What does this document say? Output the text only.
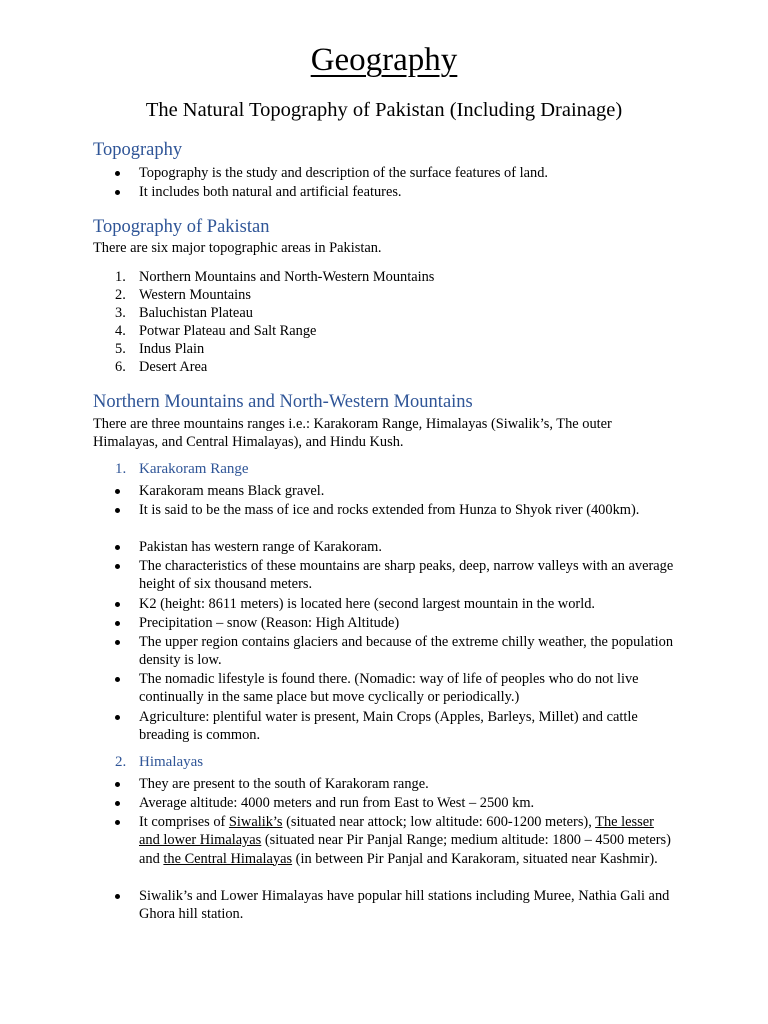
Geography
The Natural Topography of Pakistan (Including Drainage)
Topography
Topography is the study and description of the surface features of land.
It includes both natural and artificial features.
Topography of Pakistan
There are six major topographic areas in Pakistan.
1. Northern Mountains and North-Western Mountains
2. Western Mountains
3. Baluchistan Plateau
4. Potwar Plateau and Salt Range
5. Indus Plain
6. Desert Area
Northern Mountains and North-Western Mountains
There are three mountains ranges i.e.: Karakoram Range, Himalayas (Siwalik’s, The outer Himalayas, and Central Himalayas), and Hindu Kush.
1. Karakoram Range
Karakoram means Black gravel.
It is said to be the mass of ice and rocks extended from Hunza to Shyok river (400km).
Pakistan has western range of Karakoram.
The characteristics of these mountains are sharp peaks, deep, narrow valleys with an average height of six thousand meters.
K2 (height: 8611 meters) is located here (second largest mountain in the world.
Precipitation – snow (Reason: High Altitude)
The upper region contains glaciers and because of the extreme chilly weather, the population density is low.
The nomadic lifestyle is found there. (Nomadic: way of life of peoples who do not live continually in the same place but move cyclically or periodically.)
Agriculture: plentiful water is present, Main Crops (Apples, Barleys, Millet) and cattle breading is common.
2. Himalayas
They are present to the south of Karakoram range.
Average altitude: 4000 meters and run from East to West – 2500 km.
It comprises of Siwalik’s (situated near attock; low altitude: 600-1200 meters), The lesser and lower Himalayas (situated near Pir Panjal Range; medium altitude: 1800 – 4500 meters) and the Central Himalayas (in between Pir Panjal and Karakoram, situated near Kashmir).
Siwalik’s and Lower Himalayas have popular hill stations including Muree, Nathia Gali and Ghora hill station.
